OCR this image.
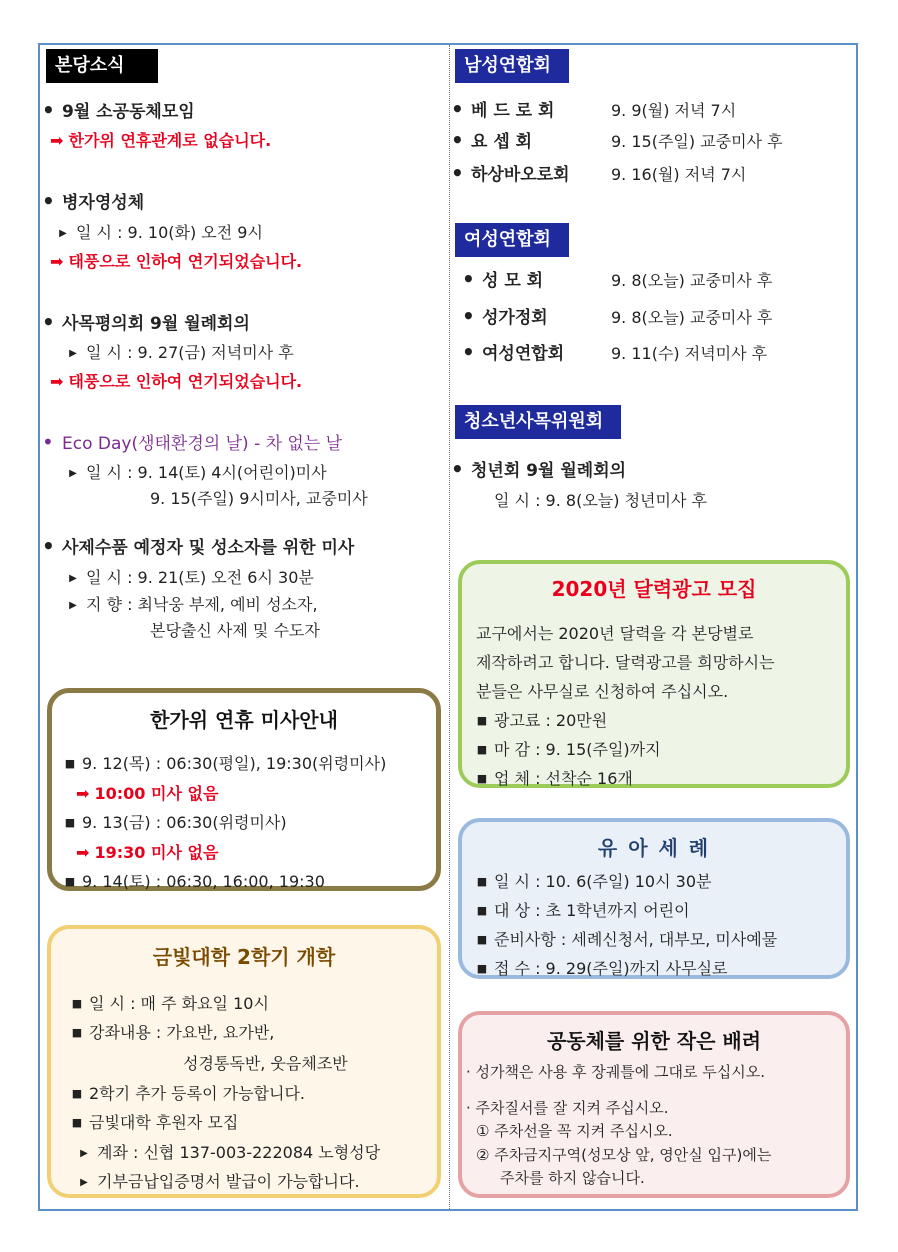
본당소식
• 9월 소공동체모임
➡ 한가위 연휴관계로 없습니다.
• 병자영성체
▶ 일 시 : 9. 10(화) 오전 9시
➡ 태풍으로 인하여 연기되었습니다.
• 사목평의회 9월 월례회의
▶ 일 시 : 9. 27(금) 저녁미사 후
➡ 태풍으로 인하여 연기되었습니다.
• Eco Day(생태환경의 날) - 차 없는 날
▶ 일 시 : 9. 14(토) 4시(어린이)미사
9. 15(주일) 9시미사, 교중미사
• 사제수품 예정자 및 성소자를 위한 미사
▶ 일 시 : 9. 21(토) 오전 6시 30분
▶ 지 향 : 최낙웅 부제, 예비 성소자,
본당출신 사제 및 수도자
한가위 연휴 미사안내
■ 9. 12(목) : 06:30(평일), 19:30(위령미사)
➡ 10:00 미사 없음
■ 9. 13(금) : 06:30(위령미사)
➡ 19:30 미사 없음
■ 9. 14(토) : 06:30, 16:00, 19:30
금빛대학 2학기 개학
■ 일 시 : 매 주 화요일 10시
■ 강좌내용 : 가요반, 요가반,
성경통독반, 웃음체조반
■ 2학기 추가 등록이 가능합니다.
■ 금빛대학 후원자 모집
▶ 계좌 : 신협 137-003-222084 노형성당
▶ 기부금납입증명서 발급이 가능합니다.
남성연합회
• 베 드 로 회	9. 9(월) 저녁 7시
• 요 셉 회	9. 15(주일) 교중미사 후
• 하상바오로회	9. 16(월) 저녁 7시
여성연합회
• 성 모 회	9. 8(오늘) 교중미사 후
• 성가정회	9. 8(오늘) 교중미사 후
• 여성연합회	9. 11(수) 저녁미사 후
청소년사목위원회
• 청년회 9월 월례회의
일 시 : 9. 8(오늘) 청년미사 후
2020년 달력광고 모집
교구에서는 2020년 달력을 각 본당별로
제작하려고 합니다. 달력광고를 희망하시는
분들은 사무실로 신청하여 주십시오.
■ 광고료 : 20만원
■ 마 감 : 9. 15(주일)까지
■ 업 체 : 선착순 16개
유 아 세 례
■ 일 시 : 10. 6(주일) 10시 30분
■ 대 상 : 초 1학년까지 어린이
■ 준비사항 : 세례신청서, 대부모, 미사예물
■ 접 수 : 9. 29(주일)까지 사무실로
공동체를 위한 작은 배려
· 성가책은 사용 후 장궤틀에 그대로 두십시오.
· 주차질서를 잘 지켜 주십시오.
① 주차선을 꼭 지켜 주십시오.
② 주차금지구역(성모상 앞, 영안실 입구)에는
주차를 하지 않습니다.
